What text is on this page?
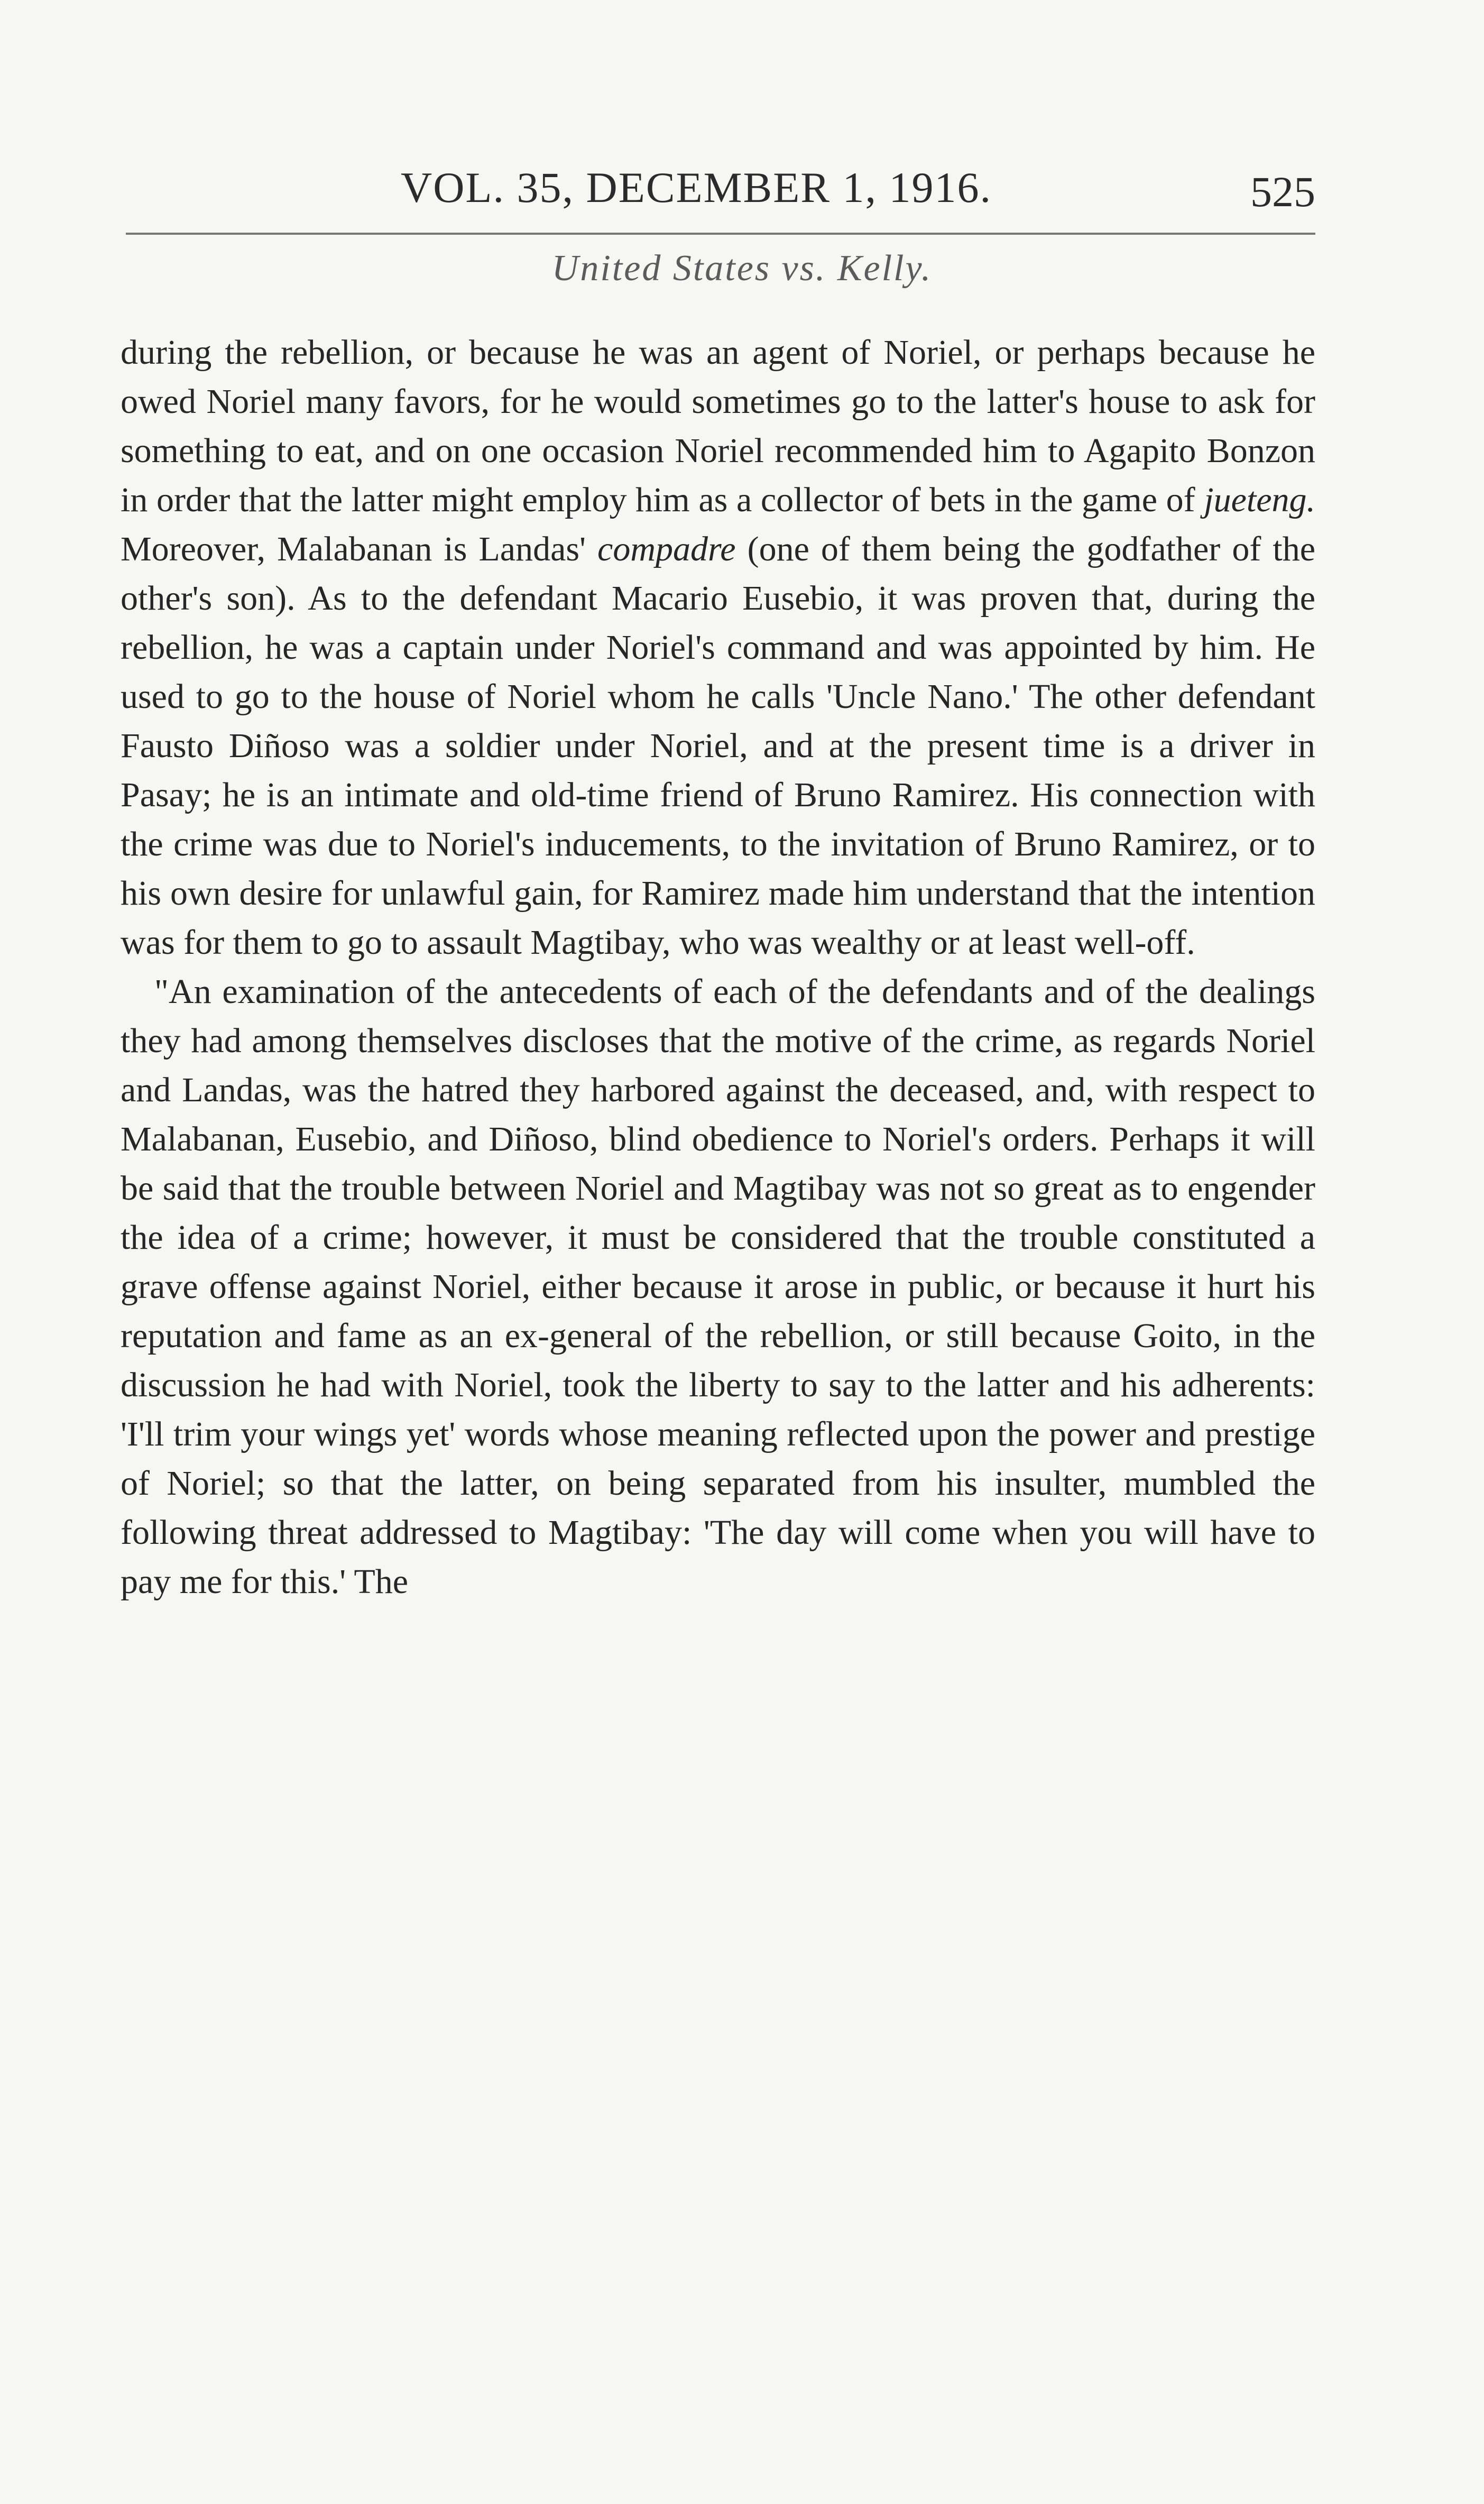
VOL. 35, DECEMBER 1, 1916.	525
United States vs. Kelly.

during the rebellion, or because he was an agent of Noriel, or perhaps because he owed Noriel many favors, for he would sometimes go to the latter's house to ask for something to eat, and on one occasion Noriel recommended him to Agapito Bonzon in order that the latter might employ him as a collector of bets in the game of jueteng. Moreover, Malabanan is Landas' compadre (one of them being the godfather of the other's son). As to the defendant Macario Eusebio, it was proven that, during the rebellion, he was a captain under Noriel's command and was appointed by him. He used to go to the house of Noriel whom he calls 'Uncle Nano.' The other defendant Fausto Diñoso was a soldier under Noriel, and at the present time is a driver in Pasay; he is an intimate and old-time friend of Bruno Ramirez. His connection with the crime was due to Noriel's inducements, to the invitation of Bruno Ramirez, or to his own desire for unlawful gain, for Ramirez made him understand that the intention was for them to go to assault Magtibay, who was wealthy or at least well-off.

"An examination of the antecedents of each of the defendants and of the dealings they had among themselves discloses that the motive of the crime, as regards Noriel and Landas, was the hatred they harbored against the deceased, and, with respect to Malabanan, Eusebio, and Diñoso, blind obedience to Noriel's orders. Perhaps it will be said that the trouble between Noriel and Magtibay was not so great as to engender the idea of a crime; however, it must be considered that the trouble constituted a grave offense against Noriel, either because it arose in public, or because it hurt his reputation and fame as an ex-general of the rebellion, or still because Goito, in the discussion he had with Noriel, took the liberty to say to the latter and his adherents: 'I'll trim your wings yet' words whose meaning reflected upon the power and prestige of Noriel; so that the latter, on being separated from his insulter, mumbled the following threat addressed to Magtibay: 'The day will come when you will have to pay me for this.' The
